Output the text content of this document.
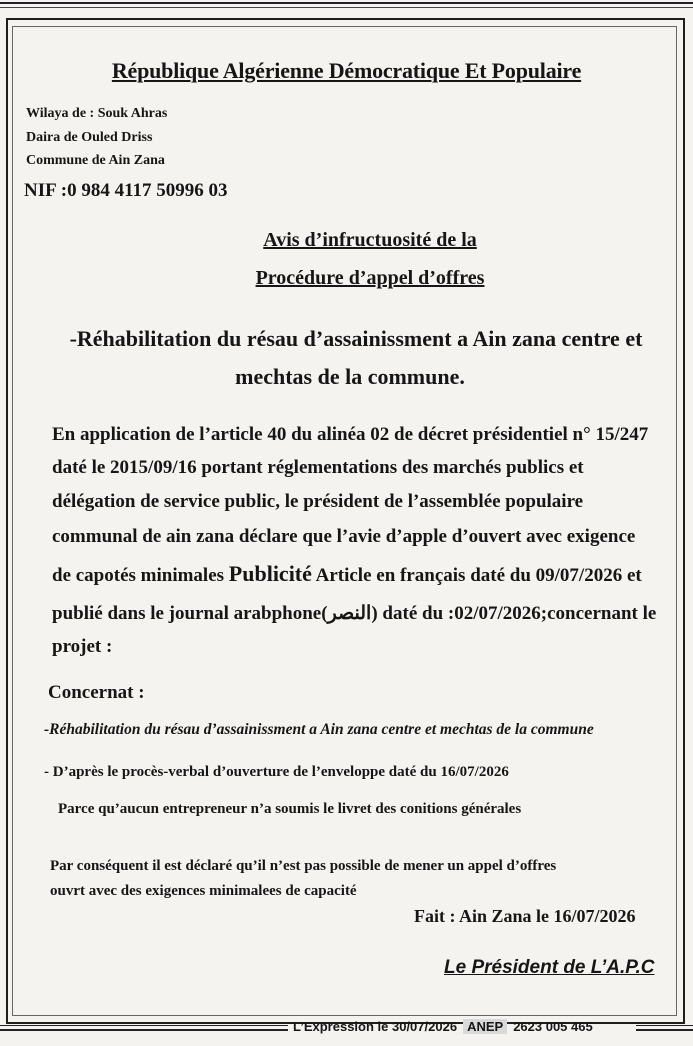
République Algérienne Démocratique Et Populaire
Wilaya de : Souk Ahras
Daira de Ouled Driss
Commune de Ain Zana
NIF :0 984 4117 50996 03
Avis d’infructuosité de la
Procédure d’appel d’offres
-Réhabilitation du résau d’assainissment a Ain zana centre et
mechtas de la commune.
En application de l’article 40 du alinéa 02 de décret présidentiel n° 15/247
daté le 2015/09/16 portant réglementations des marchés publics et
délégation de service public, le président de l’assemblée populaire
communal de ain zana déclare que l’avie d’apple d’ouvert avec exigence
de capotés minimales Publicité Article en français daté du 09/07/2026 et
publié dans le journal arabphone(النصر) daté du :02/07/2026;concernant le
projet :
Concernat :
-Réhabilitation du résau d’assainissment a Ain zana centre et mechtas de la commune
- D’après le procès-verbal d’ouverture de l’enveloppe daté du 16/07/2026
Parce qu’aucun entrepreneur n’a soumis le livret des conitions générales
Par conséquent il est déclaré qu’il n’est pas possible de mener un appel d’offres
ouvrt avec des exigences minimalees de capacité
Fait : Ain Zana le 16/07/2026
Le Président de L’A.P.C
L’Expression le 30/07/2026 ANEP 2623 005 465
